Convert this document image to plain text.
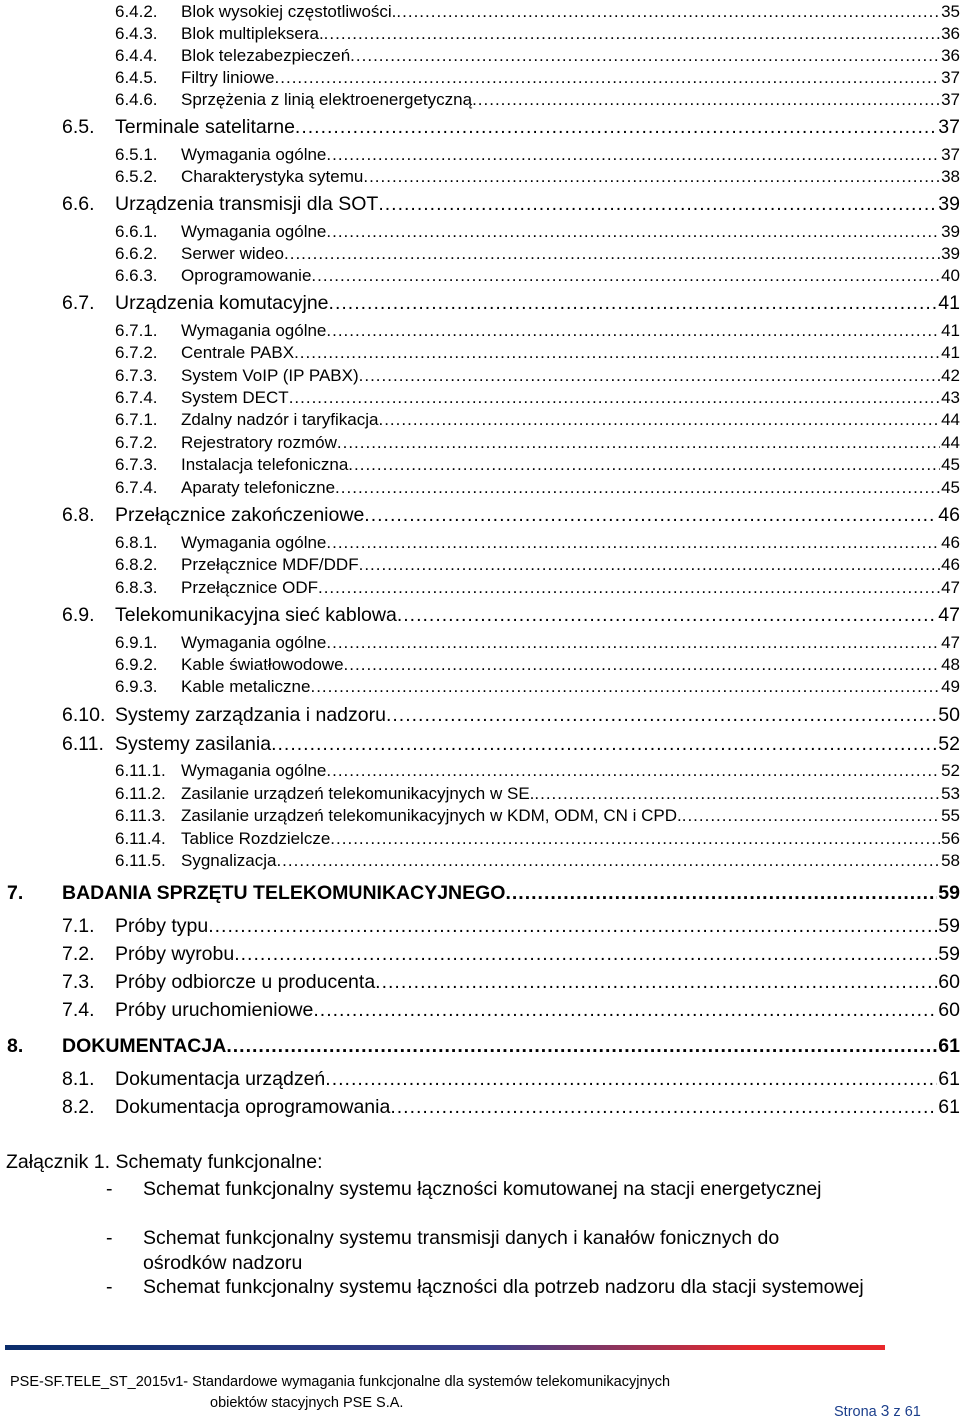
6.4.2.	Blok wysokiej częstotliwości. .....	35
6.4.3.	Blok multipleksera. .....	36
6.4.4.	Blok telezabezpieczeń .....	36
6.4.5.	Filtry liniowe .....	37
6.4.6.	Sprzężenia z linią elektroenergetyczną .....	37
6.5.	Terminale satelitarne .....	37
6.5.1.	Wymagania ogólne .....	37
6.5.2.	Charakterystyka sytemu .....	38
6.6.	Urządzenia transmisji dla SOT .....	39
6.6.1.	Wymagania ogólne .....	39
6.6.2.	Serwer wideo .....	39
6.6.3.	Oprogramowanie .....	40
6.7.	Urządzenia komutacyjne .....	41
6.7.1.	Wymagania ogólne .....	41
6.7.2.	Centrale PABX .....	41
6.7.3.	System VoIP (IP PABX) .....	42
6.7.4.	System DECT .....	43
6.7.1.	Zdalny nadzór i taryfikacja .....	44
6.7.2.	Rejestratory rozmów .....	44
6.7.3.	Instalacja telefoniczna .....	45
6.7.4.	Aparaty telefoniczne .....	45
6.8.	Przełącznice zakończeniowe .....	46
6.8.1.	Wymagania ogólne .....	46
6.8.2.	Przełącznice MDF/DDF .....	46
6.8.3.	Przełącznice ODF .....	47
6.9.	Telekomunikacyjna sieć kablowa .....	47
6.9.1.	Wymagania ogólne .....	47
6.9.2.	Kable światłowodowe .....	48
6.9.3.	Kable metaliczne .....	49
6.10. Systemy zarządzania i nadzoru .....	50
6.11. Systemy zasilania .....	52
6.11.1. Wymagania ogólne .....	52
6.11.2. Zasilanie urządzeń telekomunikacyjnych w SE. .....	53
6.11.3. Zasilanie urządzeń telekomunikacyjnych w KDM, ODM, CN i CPD. .....	55
6.11.4. Tablice Rozdzielcze .....	56
6.11.5. Sygnalizacja .....	58
7.	BADANIA SPRZĘTU TELEKOMUNIKACYJNEGO .....	59
7.1.	Próby typu .....	59
7.2.	Próby wyrobu .....	59
7.3.	Próby odbiorcze u producenta .....	60
7.4.	Próby uruchomieniowe .....	60
8.	DOKUMENTACJA .....	61
8.1.	Dokumentacja urządzeń .....	61
8.2.	Dokumentacja oprogramowania .....	61
Załącznik 1. Schematy funkcjonalne:
-	Schemat funkcjonalny systemu łączności komutowanej na stacji energetycznej
-	Schemat funkcjonalny systemu transmisji danych i kanałów fonicznych do ośrodków nadzoru
-	Schemat funkcjonalny systemu łączności dla potrzeb nadzoru dla stacji systemowej
PSE-SF.TELE_ST_2015v1- Standardowe wymagania funkcjonalne dla systemów telekomunikacyjnych
obiektów stacyjnych PSE S.A.
Strona 3 z 61
